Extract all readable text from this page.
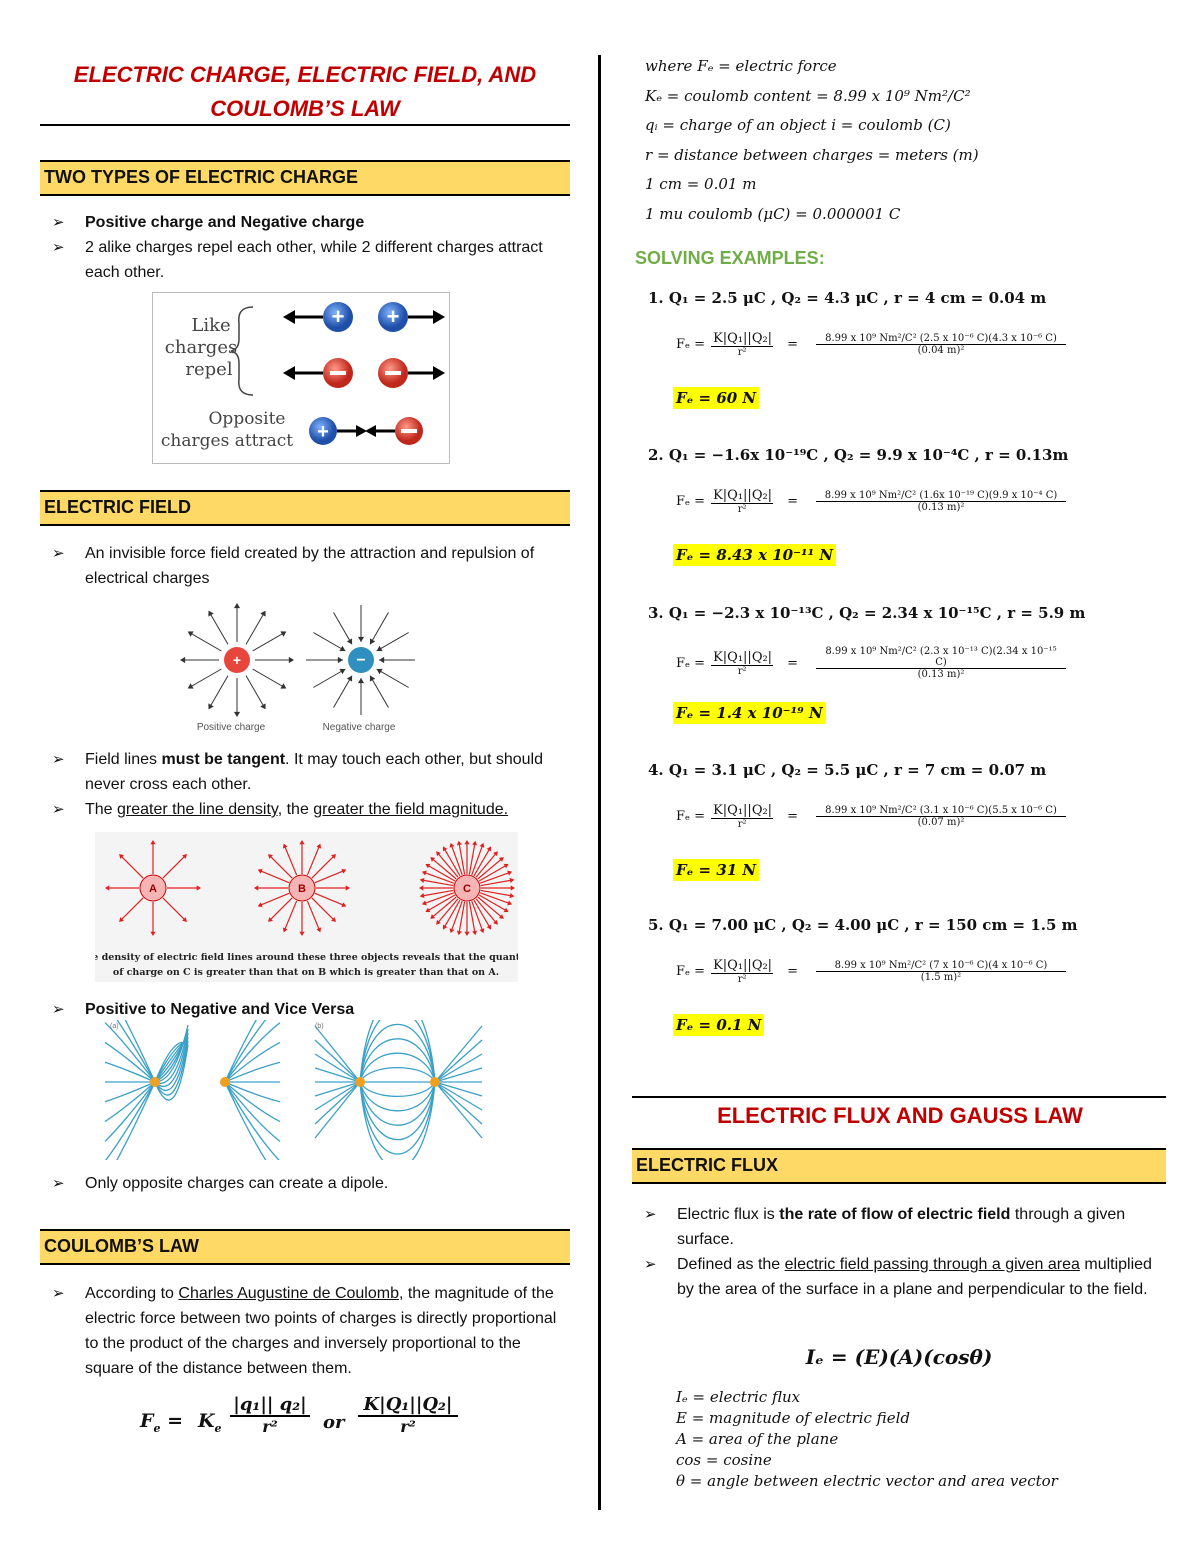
ELECTRIC CHARGE, ELECTRIC FIELD, AND
COULOMB’S LAW
TWO TYPES OF ELECTRIC CHARGE
➢ Positive charge and Negative charge
➢ 2 alike charges repel each other, while 2 different charges attract each other.
Like
charges
repel
+ +
Opposite
charges attract +
ELECTRIC FIELD
➢ An invisible force field created by the attraction and repulsion of electrical charges
+	−
Positive charge	Negative charge
➢ Field lines must be tangent. It may touch each other, but should never cross each other.
➢ The greater the line density, the greater the field magnitude.
The density of electric field lines around these three objects reveals that the quantity
of charge on C is greater than that on B which is greater than that on A.
A	B	C
➢ Positive to Negative and Vice Versa
(a)	(b)
➢ Only opposite charges can create a dipole.
COULOMB’S LAW
➢ According to Charles Augustine de Coulomb, the magnitude of the electric force between two points of charges is directly proportional to the product of the charges and inversely proportional to the square of the distance between them.
$F_e = K_e$
|q₁|| q₂|
r²	or
K|Q₁||Q₂|
r²
where Fₑ = electric force
Kₑ = coulomb content = 8.99 x 10⁹ Nm²/C²
qᵢ = charge of an object i = coulomb (C)
r = distance between charges = meters (m)
1 cm = 0.01 m
1 mu coulomb (μC) = 0.000001 C
SOLVING EXAMPLES:
1. Q₁ = 2.5 μC , Q₂ = 4.3 μC , r = 4 cm = 0.04 m
$F_e = \frac{\text{K|Q₁||Q₂|}}{\text{r²}} = \frac{\text{8.99 x 10⁹ Nm²/C² (2.5 x 10⁻⁶ C)(4.3 x 10⁻⁶ C)}}{\text{(0.04 m)²}}$
Fₑ = 60 N
2. Q₁ = −1.6x 10⁻¹⁹C , Q₂ = 9.9 x 10⁻⁴C , r = 0.13m
$F_e = \frac{\text{K|Q₁||Q₂|}}{\text{r²}} = \frac{\text{8.99 x 10⁹ Nm²/C² (1.6x 10⁻¹⁹ C)(9.9 x 10⁻⁴ C)}}{\text{(0.13 m)²}}$
Fₑ = 8.43 x 10⁻¹¹ N
3. Q₁ = −2.3 x 10⁻¹³C , Q₂ = 2.34 x 10⁻¹⁵C , r = 5.9 m
$F_e = \frac{\text{K|Q₁||Q₂|}}{\text{r²}} = \frac{\text{8.99 x 10⁹ Nm²/C² (2.3 x 10⁻¹³ C)(2.34 x 10⁻¹⁵ C)}}{\text{(0.13 m)²}}$
Fₑ = 1.4 x 10⁻¹⁹ N
4. Q₁ = 3.1 μC , Q₂ = 5.5 μC , r = 7 cm = 0.07 m
$F_e = \frac{\text{K|Q₁||Q₂|}}{\text{r²}} = \frac{\text{8.99 x 10⁹ Nm²/C² (3.1 x 10⁻⁶ C)(5.5 x 10⁻⁶ C)}}{\text{(0.07 m)²}}$
Fₑ = 31 N
5. Q₁ = 7.00 μC , Q₂ = 4.00 μC , r = 150 cm = 1.5 m
$F_e = \frac{\text{K|Q₁||Q₂|}}{\text{r²}} = \frac{\text{8.99 x 10⁹ Nm²/C² (7 x 10⁻⁶ C)(4 x 10⁻⁶ C)}}{\text{(1.5 m)²}}$
Fₑ = 0.1 N
ELECTRIC FLUX AND GAUSS LAW
ELECTRIC FLUX
➢ Electric flux is the rate of flow of electric field through a given surface.
➢ Defined as the electric field passing through a given area multiplied by the area of the surface in a plane and perpendicular to the field.
Iₑ = (E)(A)(cosθ)
Iₑ = electric flux
E = magnitude of electric field
A = area of the plane
cos = cosine
θ = angle between electric vector and area vector
